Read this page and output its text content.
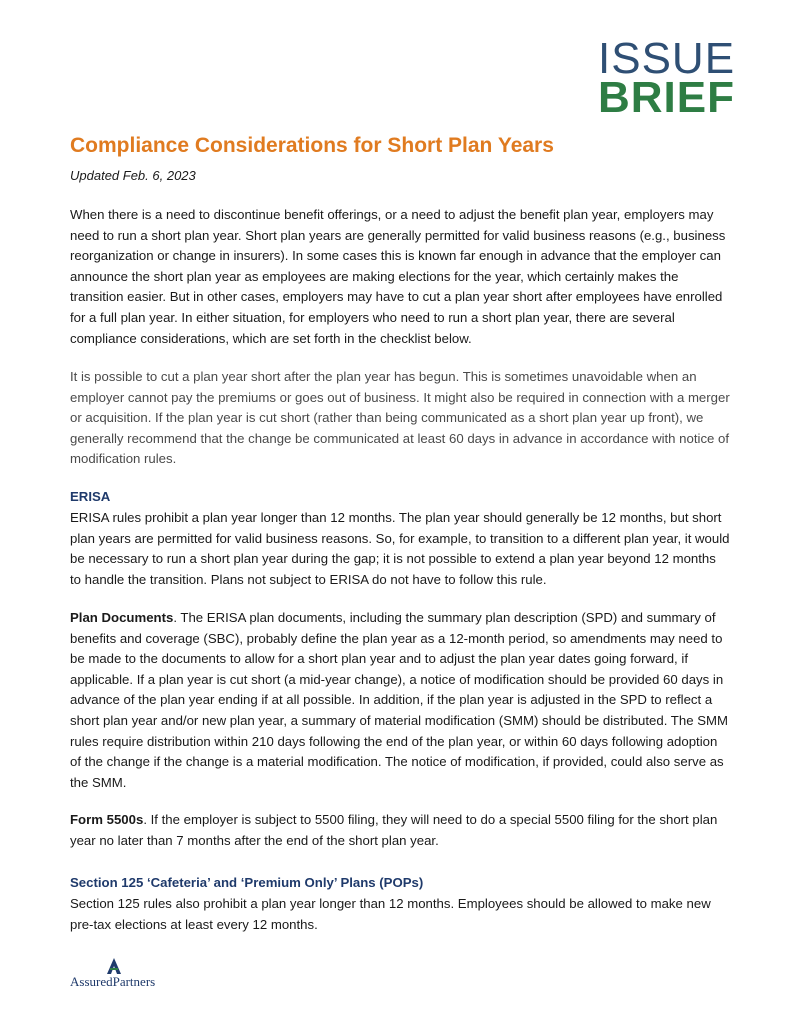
ISSUE
BRIEF
Compliance Considerations for Short Plan Years
Updated Feb. 6, 2023

When there is a need to discontinue benefit offerings, or a need to adjust the benefit plan year, employers may need to run a short plan year. Short plan years are generally permitted for valid business reasons (e.g., business reorganization or change in insurers). In some cases this is known far enough in advance that the employer can announce the short plan year as employees are making elections for the year, which certainly makes the transition easier. But in other cases, employers may have to cut a plan year short after employees have enrolled for a full plan year. In either situation, for employers who need to run a short plan year, there are several compliance considerations, which are set forth in the checklist below.

It is possible to cut a plan year short after the plan year has begun. This is sometimes unavoidable when an employer cannot pay the premiums or goes out of business. It might also be required in connection with a merger or acquisition. If the plan year is cut short (rather than being communicated as a short plan year up front), we generally recommend that the change be communicated at least 60 days in advance in accordance with notice of modification rules.

ERISA

ERISA rules prohibit a plan year longer than 12 months. The plan year should generally be 12 months, but short plan years are permitted for valid business reasons. So, for example, to transition to a different plan year, it would be necessary to run a short plan year during the gap; it is not possible to extend a plan year beyond 12 months to handle the transition. Plans not subject to ERISA do not have to follow this rule.

Plan Documents. The ERISA plan documents, including the summary plan description (SPD) and summary of benefits and coverage (SBC), probably define the plan year as a 12-month period, so amendments may need to be made to the documents to allow for a short plan year and to adjust the plan year dates going forward, if applicable. If a plan year is cut short (a mid-year change), a notice of modification should be provided 60 days in advance of the plan year ending if at all possible. In addition, if the plan year is adjusted in the SPD to reflect a short plan year and/or new plan year, a summary of material modification (SMM) should be distributed. The SMM rules require distribution within 210 days following the end of the plan year, or within 60 days following adoption of the change if the change is a material modification. The notice of modification, if provided, could also serve as the SMM.

Form 5500s. If the employer is subject to 5500 filing, they will need to do a special 5500 filing for the short plan year no later than 7 months after the end of the short plan year.

Section 125 ‘Cafeteria’ and ‘Premium Only’ Plans (POPs)

Section 125 rules also prohibit a plan year longer than 12 months. Employees should be allowed to make new pre-tax elections at least every 12 months.

AssuredPartners
